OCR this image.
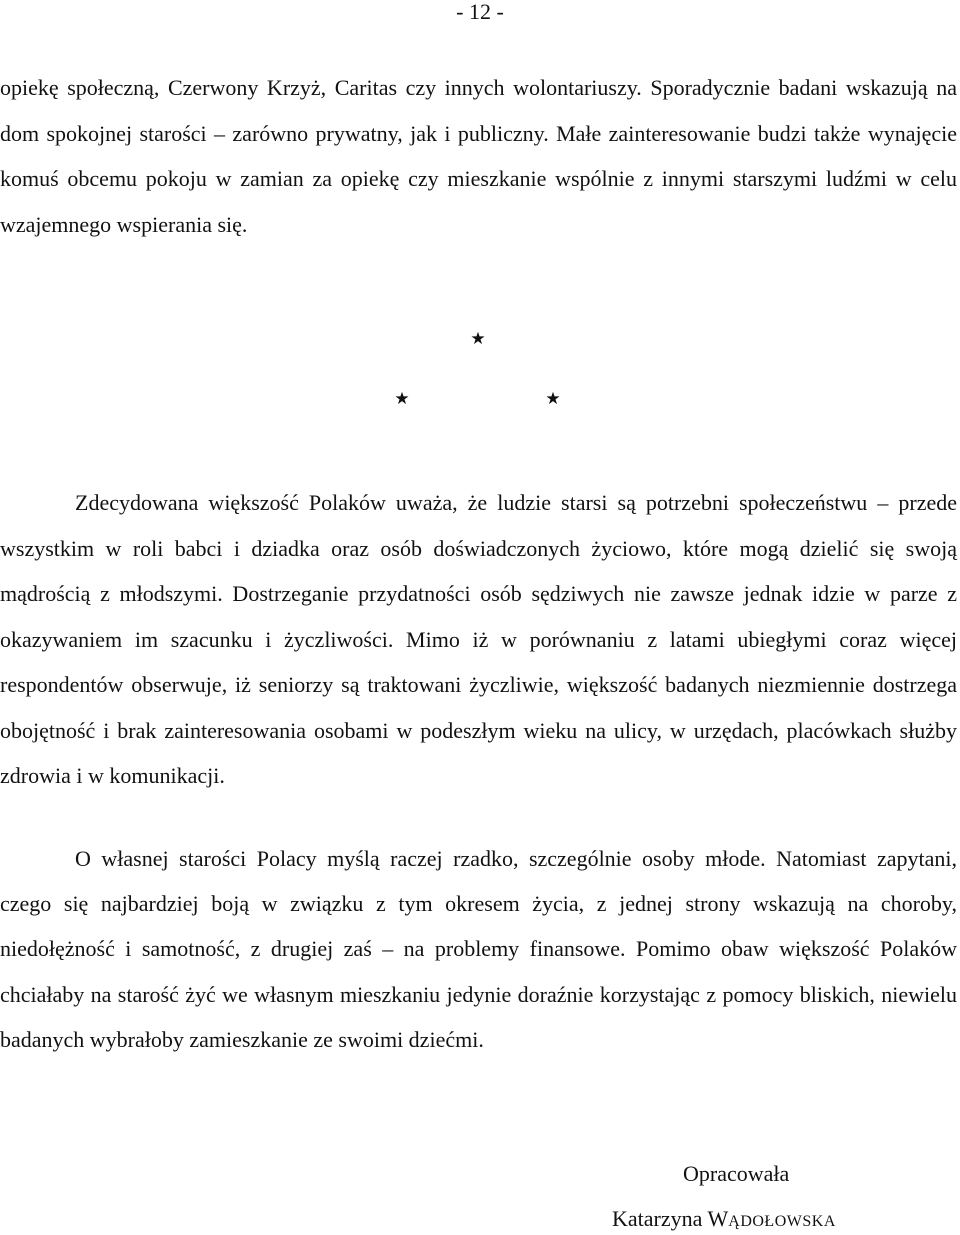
- 12 -

opiekę społeczną, Czerwony Krzyż, Caritas czy innych wolontariuszy. Sporadycznie badani wskazują na dom spokojnej starości – zarówno prywatny, jak i publiczny. Małe zainteresowanie budzi także wynajęcie komuś obcemu pokoju w zamian za opiekę czy mieszkanie wspólnie z innymi starszymi ludźmi w celu wzajemnego wspierania się.

★
★	★

Zdecydowana większość Polaków uważa, że ludzie starsi są potrzebni społeczeństwu – przede wszystkim w roli babci i dziadka oraz osób doświadczonych życiowo, które mogą dzielić się swoją mądrością z młodszymi. Dostrzeganie przydatności osób sędziwych nie zawsze jednak idzie w parze z okazywaniem im szacunku i życzliwości. Mimo iż w porównaniu z latami ubiegłymi coraz więcej respondentów obserwuje, iż seniorzy są traktowani życzliwie, większość badanych niezmiennie dostrzega obojętność i brak zainteresowania osobami w podeszłym wieku na ulicy, w urzędach, placówkach służby zdrowia i w komunikacji.

O własnej starości Polacy myślą raczej rzadko, szczególnie osoby młode. Natomiast zapytani, czego się najbardziej boją w związku z tym okresem życia, z jednej strony wskazują na choroby, niedołężność i samotność, z drugiej zaś – na problemy finansowe. Pomimo obaw większość Polaków chciałaby na starość żyć we własnym mieszkaniu jedynie doraźnie korzystając z pomocy bliskich, niewielu badanych wybrałoby zamieszkanie ze swoimi dziećmi.

Opracowała
Katarzyna WĄDOŁOWSKA
